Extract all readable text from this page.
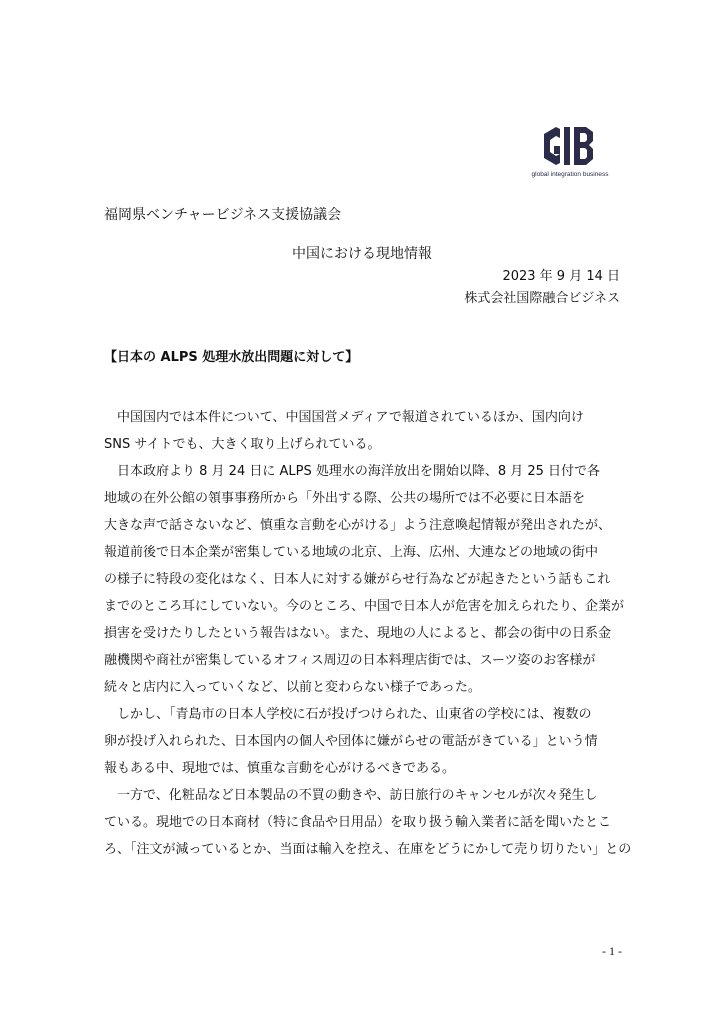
global integration business
福岡県ベンチャービジネス支援協議会
中国における現地情報
2023 年 9 月 14 日
株式会社国際融合ビジネス
【日本の ALPS 処理水放出問題に対して】
　中国国内では本件について、中国国営メディアで報道されているほか、国内向け
SNS サイトでも、大きく取り上げられている。
　日本政府より 8 月 24 日に ALPS 処理水の海洋放出を開始以降、8 月 25 日付で各
地域の在外公館の領事事務所から「外出する際、公共の場所では不必要に日本語を
大きな声で話さないなど、慎重な言動を心がける」よう注意喚起情報が発出されたが、
報道前後で日本企業が密集している地域の北京、上海、広州、大連などの地域の街中
の様子に特段の変化はなく、日本人に対する嫌がらせ行為などが起きたという話もこれ
までのところ耳にしていない。今のところ、中国で日本人が危害を加えられたり、企業が
損害を受けたりしたという報告はない。また、現地の人によると、都会の街中の日系金
融機関や商社が密集しているオフィス周辺の日本料理店街では、スーツ姿のお客様が
続々と店内に入っていくなど、以前と変わらない様子であった。
　しかし、「青島市の日本人学校に石が投げつけられた、山東省の学校には、複数の
卵が投げ入れられた、日本国内の個人や団体に嫌がらせの電話がきている」という情
報もある中、現地では、慎重な言動を心がけるべきである。
　一方で、化粧品など日本製品の不買の動きや、訪日旅行のキャンセルが次々発生し
ている。現地での日本商材（特に食品や日用品）を取り扱う輸入業者に話を聞いたとこ
ろ、「注文が減っているとか、当面は輸入を控え、在庫をどうにかして売り切りたい」との
- 1 -
